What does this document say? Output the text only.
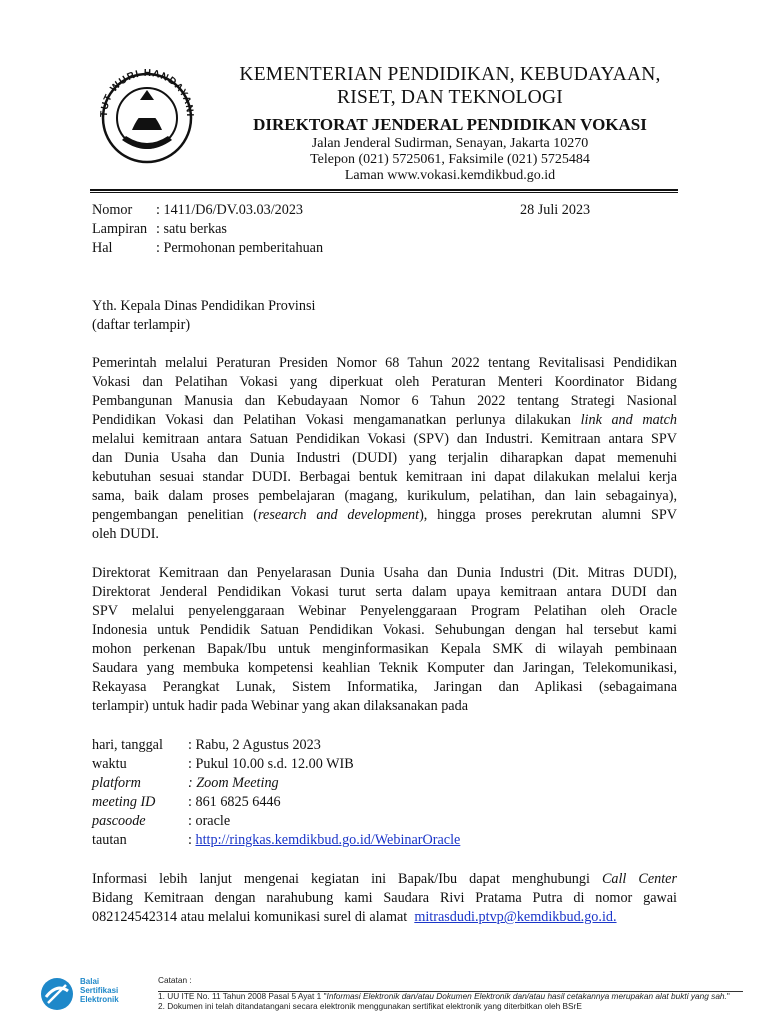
TUT WURI HANDAYANI
KEMENTERIAN PENDIDIKAN, KEBUDAYAAN,
RISET, DAN TEKNOLOGI
DIREKTORAT JENDERAL PENDIDIKAN VOKASI
Jalan Jenderal Sudirman, Senayan, Jakarta 10270
Telepon (021) 5725061, Faksimile (021) 5725484
Laman www.vokasi.kemdikbud.go.id
Nomor : 1411/D6/DV.03.03/2023	28 Juli 2023
Lampiran : satu berkas
Hal	: Permohonan pemberitahuan
Yth. Kepala Dinas Pendidikan Provinsi
(daftar terlampir)
Pemerintah melalui Peraturan Presiden Nomor 68 Tahun 2022 tentang Revitalisasi Pendidikan
Vokasi dan Pelatihan Vokasi yang diperkuat oleh Peraturan Menteri Koordinator Bidang
Pembangunan Manusia dan Kebudayaan Nomor 6 Tahun 2022 tentang Strategi Nasional
Pendidikan Vokasi dan Pelatihan Vokasi mengamanatkan perlunya dilakukan link and match
melalui kemitraan antara Satuan Pendidikan Vokasi (SPV) dan Industri. Kemitraan antara SPV
dan Dunia Usaha dan Dunia Industri (DUDI) yang terjalin diharapkan dapat memenuhi
kebutuhan sesuai standar DUDI. Berbagai bentuk kemitraan ini dapat dilakukan melalui kerja
sama, baik dalam proses pembelajaran (magang, kurikulum, pelatihan, dan lain sebagainya),
pengembangan penelitian (research and development), hingga proses perekrutan alumni SPV
oleh DUDI.
Direktorat Kemitraan dan Penyelarasan Dunia Usaha dan Dunia Industri (Dit. Mitras DUDI),
Direktorat Jenderal Pendidikan Vokasi turut serta dalam upaya kemitraan antara DUDI dan
SPV melalui penyelenggaraan Webinar Penyelenggaraan Program Pelatihan oleh Oracle
Indonesia untuk Pendidik Satuan Pendidikan Vokasi. Sehubungan dengan hal tersebut kami
mohon perkenan Bapak/Ibu untuk menginformasikan Kepala SMK di wilayah pembinaan
Saudara yang membuka kompetensi keahlian Teknik Komputer dan Jaringan, Telekomunikasi,
Rekayasa Perangkat Lunak, Sistem Informatika, Jaringan dan Aplikasi (sebagaimana
terlampir) untuk hadir pada Webinar yang akan dilaksanakan pada
hari, tanggal : Rabu, 2 Agustus 2023
waktu	: Pukul 10.00 s.d. 12.00 WIB
platform	: Zoom Meeting
meeting ID : 861 6825 6446
pascoode	: oracle
tautan	: http://ringkas.kemdikbud.go.id/WebinarOracle
Informasi lebih lanjut mengenai kegiatan ini Bapak/Ibu dapat menghubungi Call Center
Bidang Kemitraan dengan narahubung kami Saudara Rivi Pratama Putra di nomor gawai
082124542314 atau melalui komunikasi surel di alamat mitrasdudi.ptvp@kemdikbud.go.id.
Balai
Sertifikasi
Elektronik
Catatan :
1. UU ITE No. 11 Tahun 2008 Pasal 5 Ayat 1 "Informasi Elektronik dan/atau Dokumen Elektronik dan/atau hasil cetakannya merupakan alat bukti yang sah."
2. Dokumen ini telah ditandatangani secara elektronik menggunakan sertifikat elektronik yang diterbitkan oleh BSrE
